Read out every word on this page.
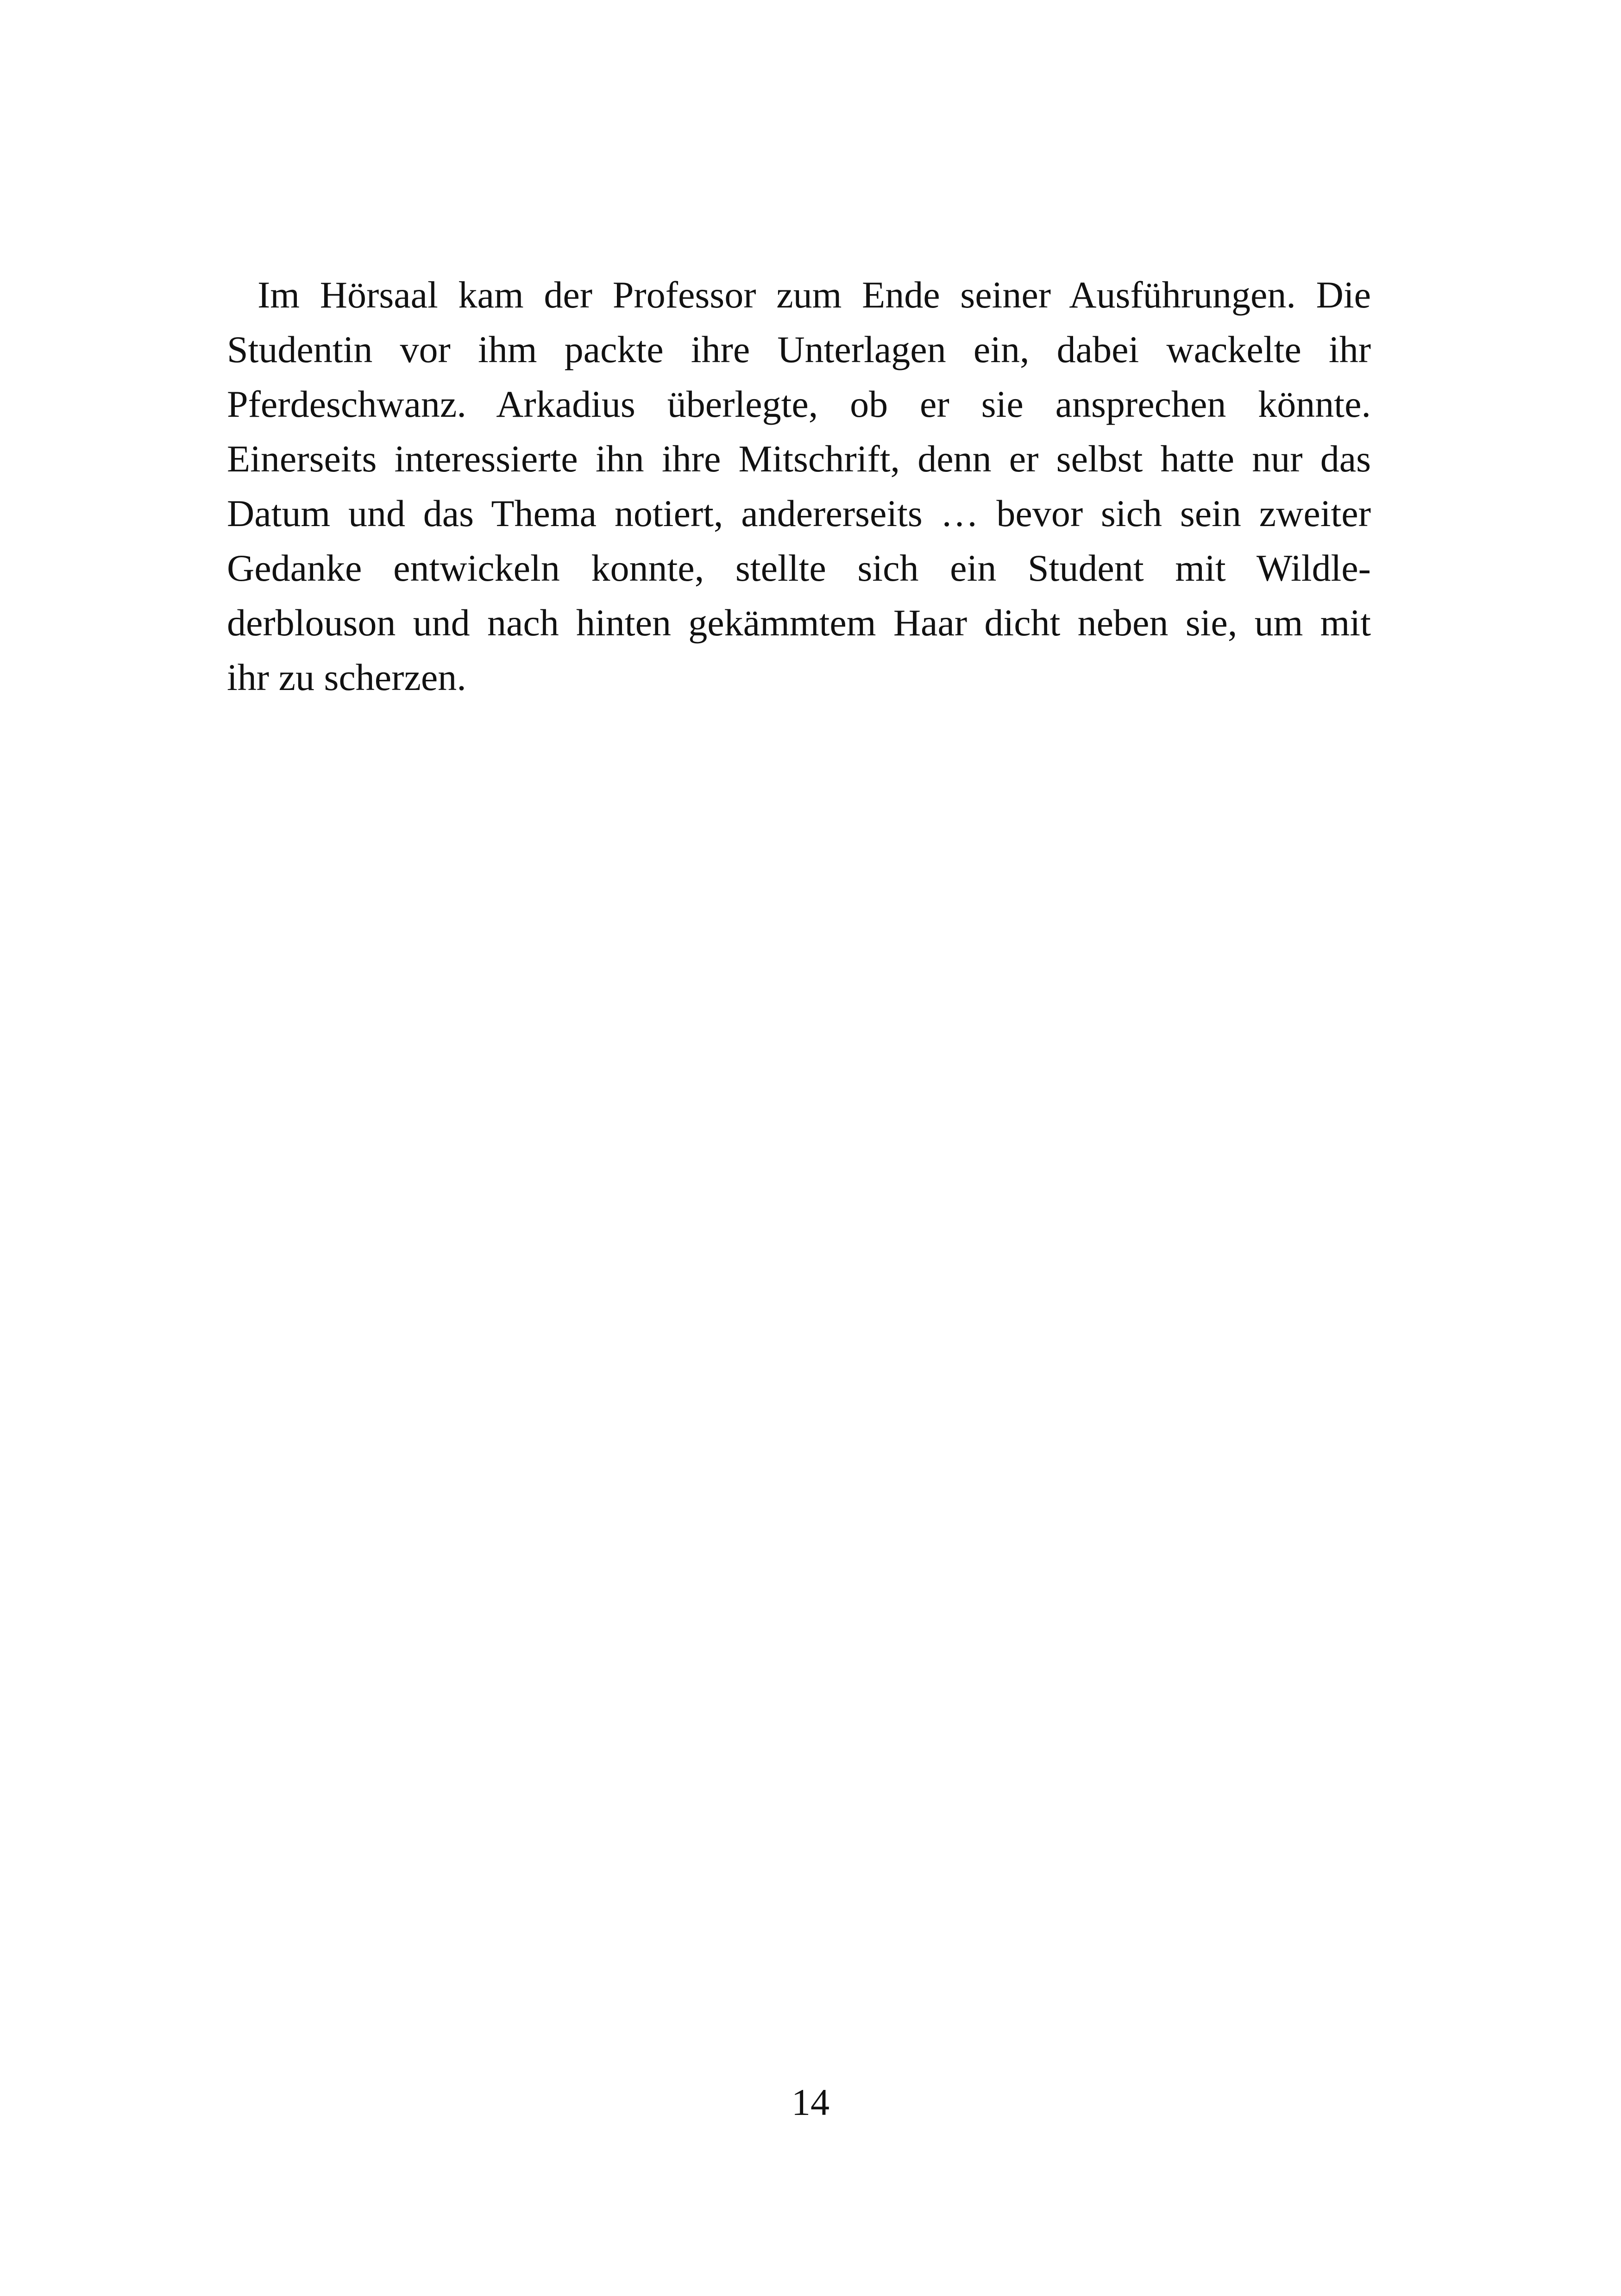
Im Hörsaal kam der Professor zum Ende seiner Ausführungen. Die
Studentin vor ihm packte ihre Unterlagen ein, dabei wackelte ihr
Pferdeschwanz. Arkadius überlegte, ob er sie ansprechen könnte.
Einerseits interessierte ihn ihre Mitschrift, denn er selbst hatte nur das
Datum und das Thema notiert, andererseits … bevor sich sein zweiter
Gedanke entwickeln konnte, stellte sich ein Student mit Wildle-
derblouson und nach hinten gekämmtem Haar dicht neben sie, um mit
ihr zu scherzen.
14
